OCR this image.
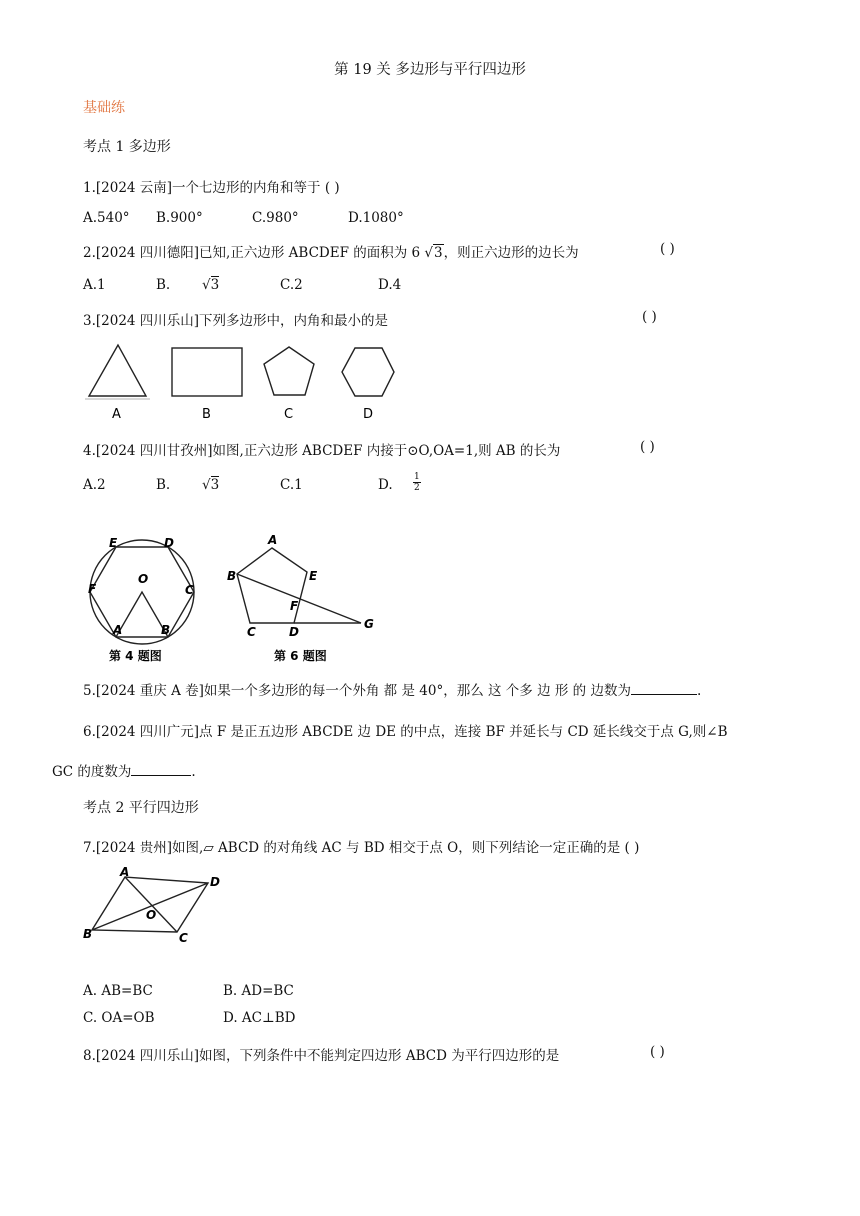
第 19 关 多边形与平行四边形
基础练
考点 1 多边形
1.[2024 云南]一个七边形的内角和等于 ( )
A.540° B.900°	C.980°	D.1080°
2.[2024 四川德阳]已知,正六边形 ABCDEF 的面积为 6 √3，则正六边形的边长为	( )
A.1	B. √3	C.2	D.4
3.[2024 四川乐山]下列多边形中，内角和最小的是	( )
A	B	C	D
4.[2024 四川甘孜州]如图,正六边形 ABCDEF 内接于⊙O,OA=1,则 AB 的长为	( )
A.2	B. √3	C.1	D. $\frac{1}{2}$
E	D
F
O
C
A	B
第 4 题图
A
B	E
F
C	D
G
第 6 题图
5.[2024 重庆 A 卷]如果一个多边形的每一个外角 都 是 40°，那么 这 个多 边 形 的 边数为	.
6.[2024 四川广元]点 F 是正五边形 ABCDE 边 DE 的中点，连接 BF 并延长与 CD 延长线交于点 G,则∠B
GC 的度数为	.
考点 2 平行四边形
7.[2024 贵州]如图,▱ ABCD 的对角线 AC 与 BD 相交于点 O，则下列结论一定正确的是 ( )
A
D
O
B	C
A. AB=BC	B. AD=BC
C. OA=OB	D. AC⊥BD
8.[2024 四川乐山]如图，下列条件中不能判定四边形 ABCD 为平行四边形的是	( )
